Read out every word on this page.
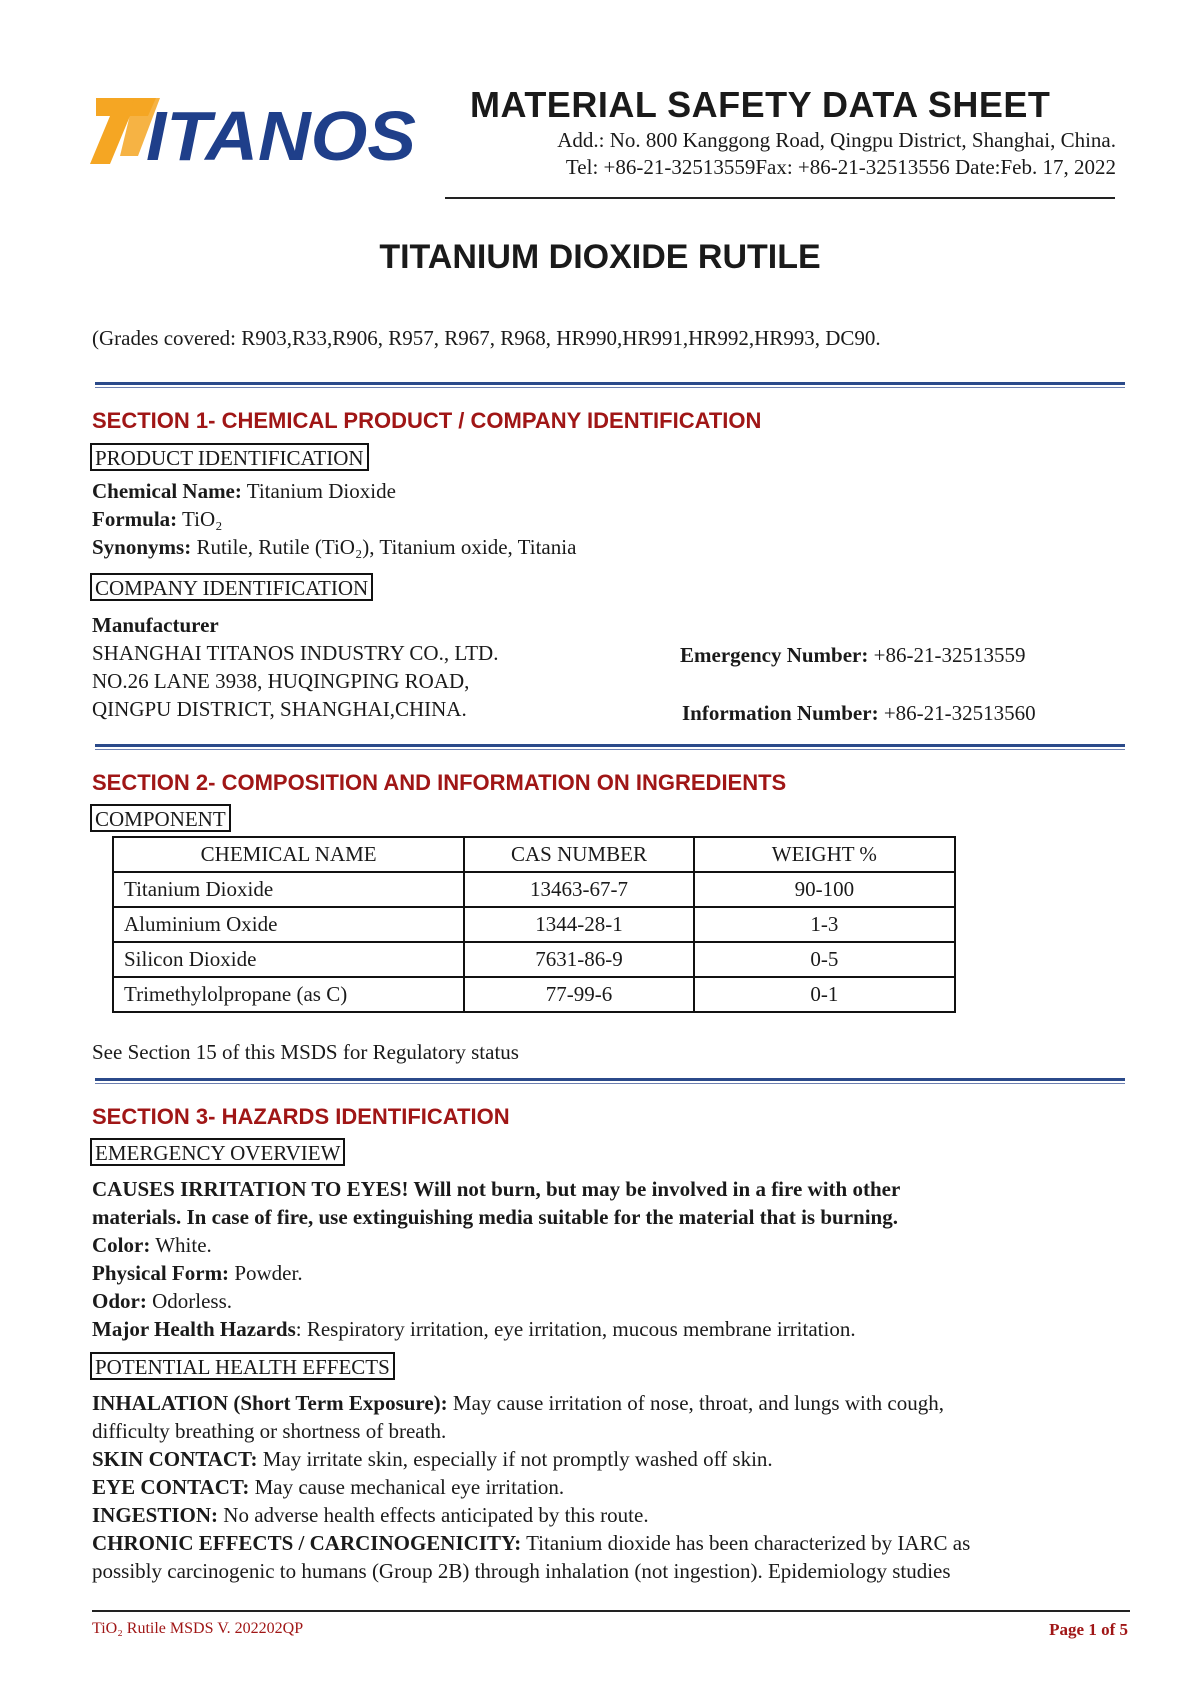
ITANOS MATERIAL SAFETY DATA SHEET
Add.: No. 800 Kanggong Road, Qingpu District, Shanghai, China.
Tel: +86-21-32513559Fax: +86-21-32513556 Date:Feb. 17, 2022
TITANIUM DIOXIDE RUTILE
(Grades covered: R903,R33,R906, R957, R967, R968, HR990,HR991,HR992,HR993, DC90.
SECTION 1- CHEMICAL PRODUCT / COMPANY IDENTIFICATION
PRODUCT IDENTIFICATION
Chemical Name: Titanium Dioxide
Formula: TiO₂
Synonyms: Rutile, Rutile (TiO₂), Titanium oxide, Titania
COMPANY IDENTIFICATION
Manufacturer
SHANGHAI TITANOS INDUSTRY CO., LTD.
NO.26 LANE 3938, HUQINGPING ROAD,
QINGPU DISTRICT, SHANGHAI,CHINA.
Emergency Number: +86-21-32513559
Information Number: +86-21-32513560
SECTION 2- COMPOSITION AND INFORMATION ON INGREDIENTS
COMPONENT
CHEMICAL NAME	CAS NUMBER	WEIGHT %
Titanium Dioxide	13463-67-7	90-100
Aluminium Oxide	1344-28-1	1-3
Silicon Dioxide	7631-86-9	0-5
Trimethylolpropane (as C)	77-99-6	0-1
See Section 15 of this MSDS for Regulatory status
SECTION 3- HAZARDS IDENTIFICATION
EMERGENCY OVERVIEW
CAUSES IRRITATION TO EYES! Will not burn, but may be involved in a fire with other
materials. In case of fire, use extinguishing media suitable for the material that is burning.
Color: White.
Physical Form: Powder.
Odor: Odorless.
Major Health Hazards: Respiratory irritation, eye irritation, mucous membrane irritation.
POTENTIAL HEALTH EFFECTS
INHALATION (Short Term Exposure): May cause irritation of nose, throat, and lungs with cough,
difficulty breathing or shortness of breath.
SKIN CONTACT: May irritate skin, especially if not promptly washed off skin.
EYE CONTACT: May cause mechanical eye irritation.
INGESTION: No adverse health effects anticipated by this route.
CHRONIC EFFECTS / CARCINOGENICITY: Titanium dioxide has been characterized by IARC as
possibly carcinogenic to humans (Group 2B) through inhalation (not ingestion). Epidemiology studies
TiO₂ Rutile MSDS V. 202202QP	Page 1 of 5
